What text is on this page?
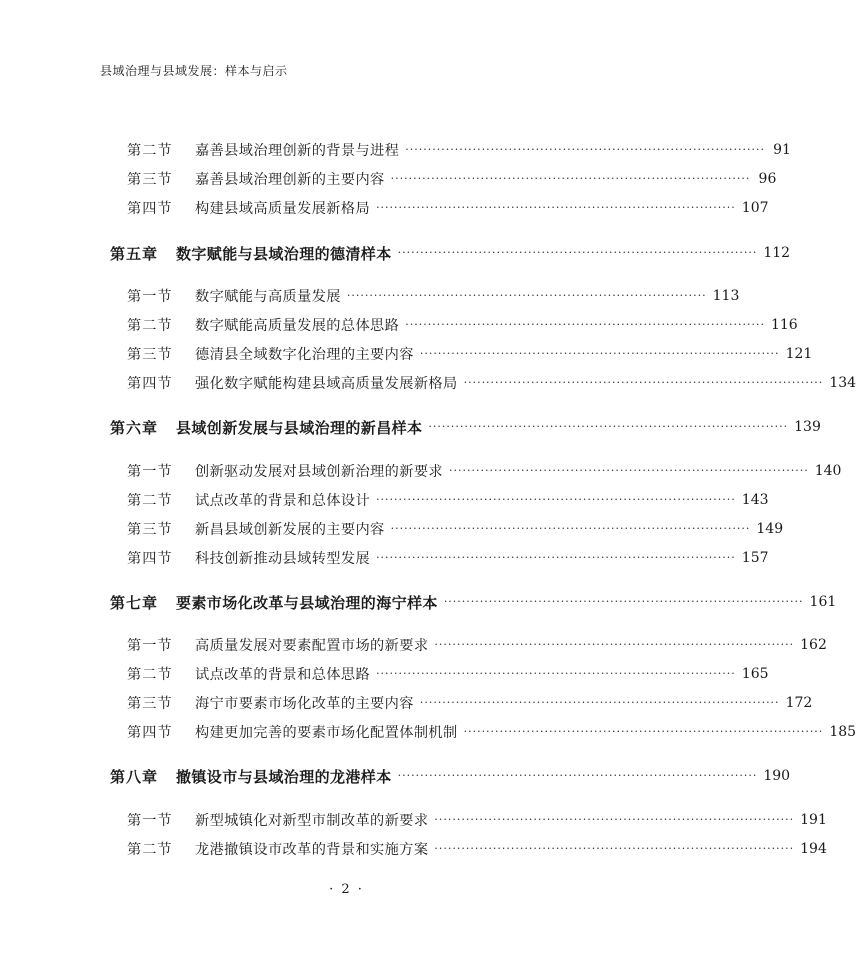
县域治理与县域发展：样本与启示
第二节	嘉善县域治理创新的背景与进程 ················································································ 91
第三节	嘉善县域治理创新的主要内容 ················································································ 96
第四节	构建县域高质量发展新格局 ················································································ 107
第五章	数字赋能与县域治理的德清样本 ················································································ 112
第一节	数字赋能与高质量发展 ················································································ 113
第二节	数字赋能高质量发展的总体思路 ················································································ 116
第三节	德清县全域数字化治理的主要内容 ················································································ 121
第四节	强化数字赋能构建县域高质量发展新格局 ················································································ 134
第六章	县域创新发展与县域治理的新昌样本 ················································································ 139
第一节	创新驱动发展对县域创新治理的新要求 ················································································ 140
第二节	试点改革的背景和总体设计 ················································································ 143
第三节	新昌县域创新发展的主要内容 ················································································ 149
第四节	科技创新推动县域转型发展 ················································································ 157
第七章	要素市场化改革与县域治理的海宁样本 ················································································ 161
第一节	高质量发展对要素配置市场的新要求 ················································································ 162
第二节	试点改革的背景和总体思路 ················································································ 165
第三节	海宁市要素市场化改革的主要内容 ················································································ 172
第四节	构建更加完善的要素市场化配置体制机制 ················································································ 185
第八章	撤镇设市与县域治理的龙港样本 ················································································ 190
第一节	新型城镇化对新型市制改革的新要求 ················································································ 191
第二节	龙港撤镇设市改革的背景和实施方案 ················································································ 194
· 2 ·
